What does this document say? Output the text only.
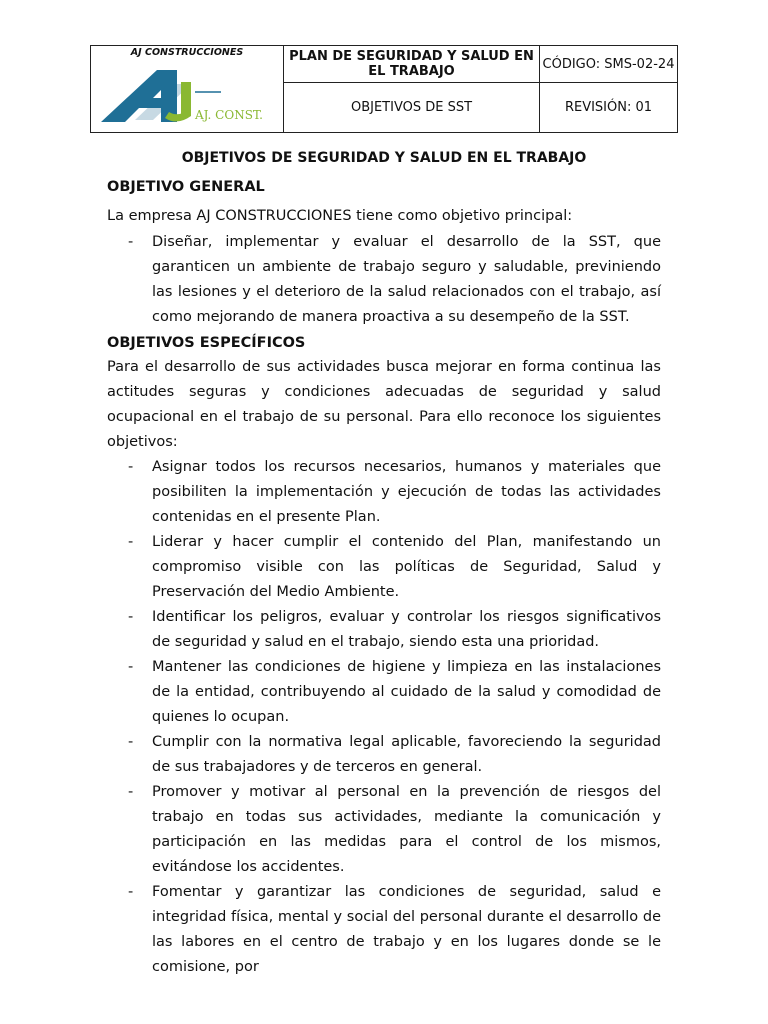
AJ CONSTRUCCIONES
AJ. CONST.	PLAN DE SEGURIDAD Y SALUD EN EL TRABAJO	CÓDIGO: SMS-02-24
	OBJETIVOS DE SST	REVISIÓN: 01
OBJETIVOS DE SEGURIDAD Y SALUD EN EL TRABAJO
OBJETIVO GENERAL

La empresa AJ CONSTRUCCIONES tiene como objetivo principal:

- Diseñar, implementar y evaluar el desarrollo de la SST, que garanticen un ambiente de trabajo seguro y saludable, previniendo las lesiones y el deterioro de la salud relacionados con el trabajo, así como mejorando de manera proactiva a su desempeño de la SST.
OBJETIVOS ESPECÍFICOS

Para el desarrollo de sus actividades busca mejorar en forma continua las actitudes seguras y condiciones adecuadas de seguridad y salud ocupacional en el trabajo de su personal. Para ello reconoce los siguientes objetivos:

- Asignar todos los recursos necesarios, humanos y materiales que posibiliten la implementación y ejecución de todas las actividades contenidas en el presente Plan.
- Liderar y hacer cumplir el contenido del Plan, manifestando un compromiso visible con las políticas de Seguridad, Salud y Preservación del Medio Ambiente.
- Identificar los peligros, evaluar y controlar los riesgos significativos de seguridad y salud en el trabajo, siendo esta una prioridad.
- Mantener las condiciones de higiene y limpieza en las instalaciones de la entidad, contribuyendo al cuidado de la salud y comodidad de quienes lo ocupan.
- Cumplir con la normativa legal aplicable, favoreciendo la seguridad de sus trabajadores y de terceros en general.
- Promover y motivar al personal en la prevención de riesgos del trabajo en todas sus actividades, mediante la comunicación y participación en las medidas para el control de los mismos, evitándose los accidentes.
- Fomentar y garantizar las condiciones de seguridad, salud e integridad física, mental y social del personal durante el desarrollo de las labores en el centro de trabajo y en los lugares donde se le comisione, por
